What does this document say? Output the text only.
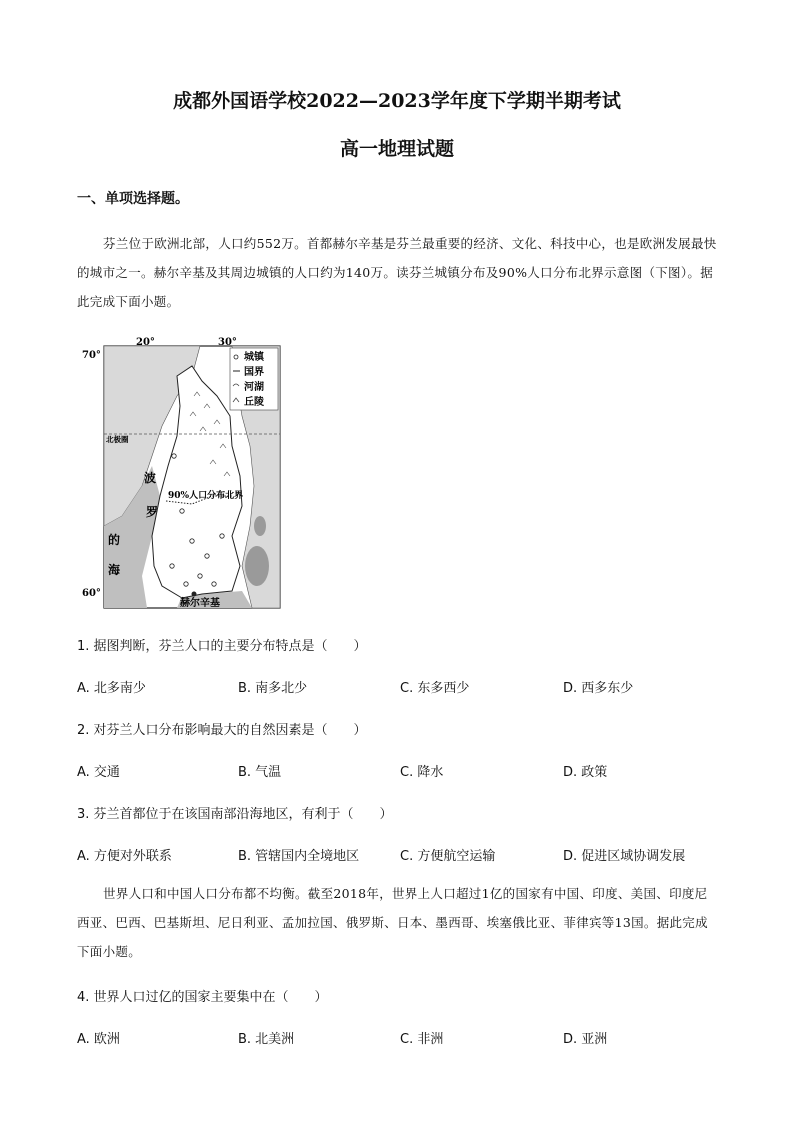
成都外国语学校2022—2023学年度下学期半期考试
高一地理试题
一、单项选择题。
芬兰位于欧洲北部，人口约552万。首都赫尔辛基是芬兰最重要的经济、文化、科技中心，也是欧洲发展最快的城市之一。赫尔辛基及其周边城镇的人口约为140万。读芬兰城镇分布及90%人口分布北界示意图（下图）。据此完成下面小题。
城镇
国界
河湖
丘陵
20°	30°
70°
60°
北极圈
90%人口分布北界
波
罗
的
海
赫尔辛基
1. 据图判断，芬兰人口的主要分布特点是（　　）
A. 北多南少	B. 南多北少	C. 东多西少	D. 西多东少
2. 对芬兰人口分布影响最大的自然因素是（　　）
A. 交通	B. 气温	C. 降水	D. 政策
3. 芬兰首都位于在该国南部沿海地区，有利于（　　）
A. 方便对外联系	B. 管辖国内全境地区	C. 方便航空运输	D. 促进区域协调发展
世界人口和中国人口分布都不均衡。截至2018年，世界上人口超过1亿的国家有中国、印度、美国、印度尼西亚、巴西、巴基斯坦、尼日利亚、孟加拉国、俄罗斯、日本、墨西哥、埃塞俄比亚、菲律宾等13国。据此完成下面小题。
4. 世界人口过亿的国家主要集中在（　　）
A. 欧洲	B. 北美洲	C. 非洲	D. 亚洲
